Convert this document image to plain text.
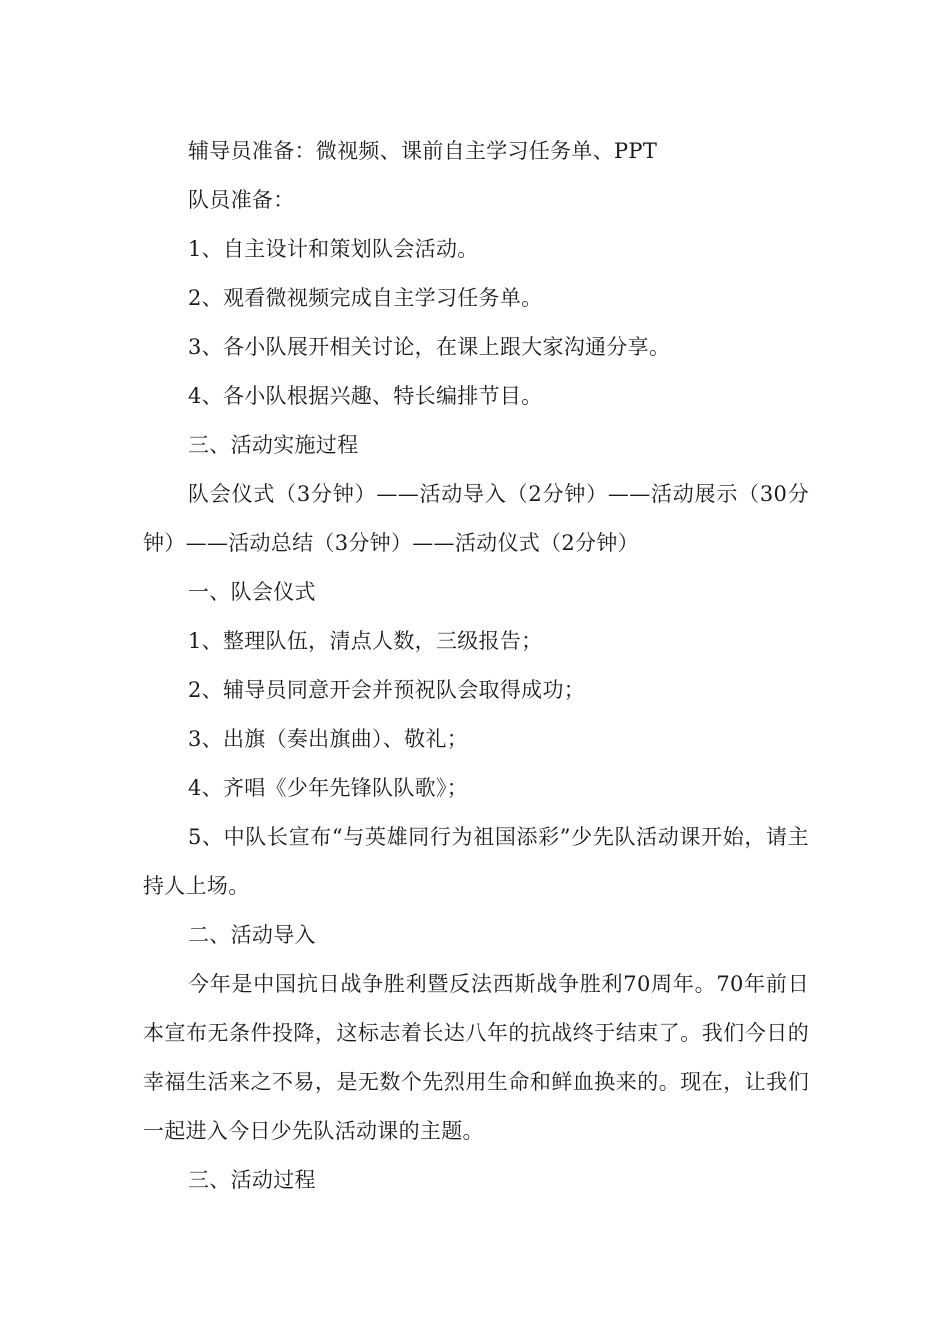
辅导员准备：微视频、课前自主学习任务单、PPT

队员准备：

1、自主设计和策划队会活动。

2、观看微视频完成自主学习任务单。

3、各小队展开相关讨论，在课上跟大家沟通分享。

4、各小队根据兴趣、特长编排节目。

三、活动实施过程

队会仪式（3分钟）——活动导入（2分钟）——活动展示（30分钟）——活动总结（3分钟）——活动仪式（2分钟）

一、队会仪式

1、整理队伍，清点人数，三级报告；

2、辅导员同意开会并预祝队会取得成功；

3、出旗（奏出旗曲）、敬礼；

4、齐唱《少年先锋队队歌》；

5、中队长宣布“与英雄同行为祖国添彩”少先队活动课开始，请主持人上场。

二、活动导入

今年是中国抗日战争胜利暨反法西斯战争胜利70周年。70年前日本宣布无条件投降，这标志着长达八年的抗战终于结束了。我们今日的幸福生活来之不易，是无数个先烈用生命和鲜血换来的。现在，让我们一起进入今日少先队活动课的主题。

三、活动过程
